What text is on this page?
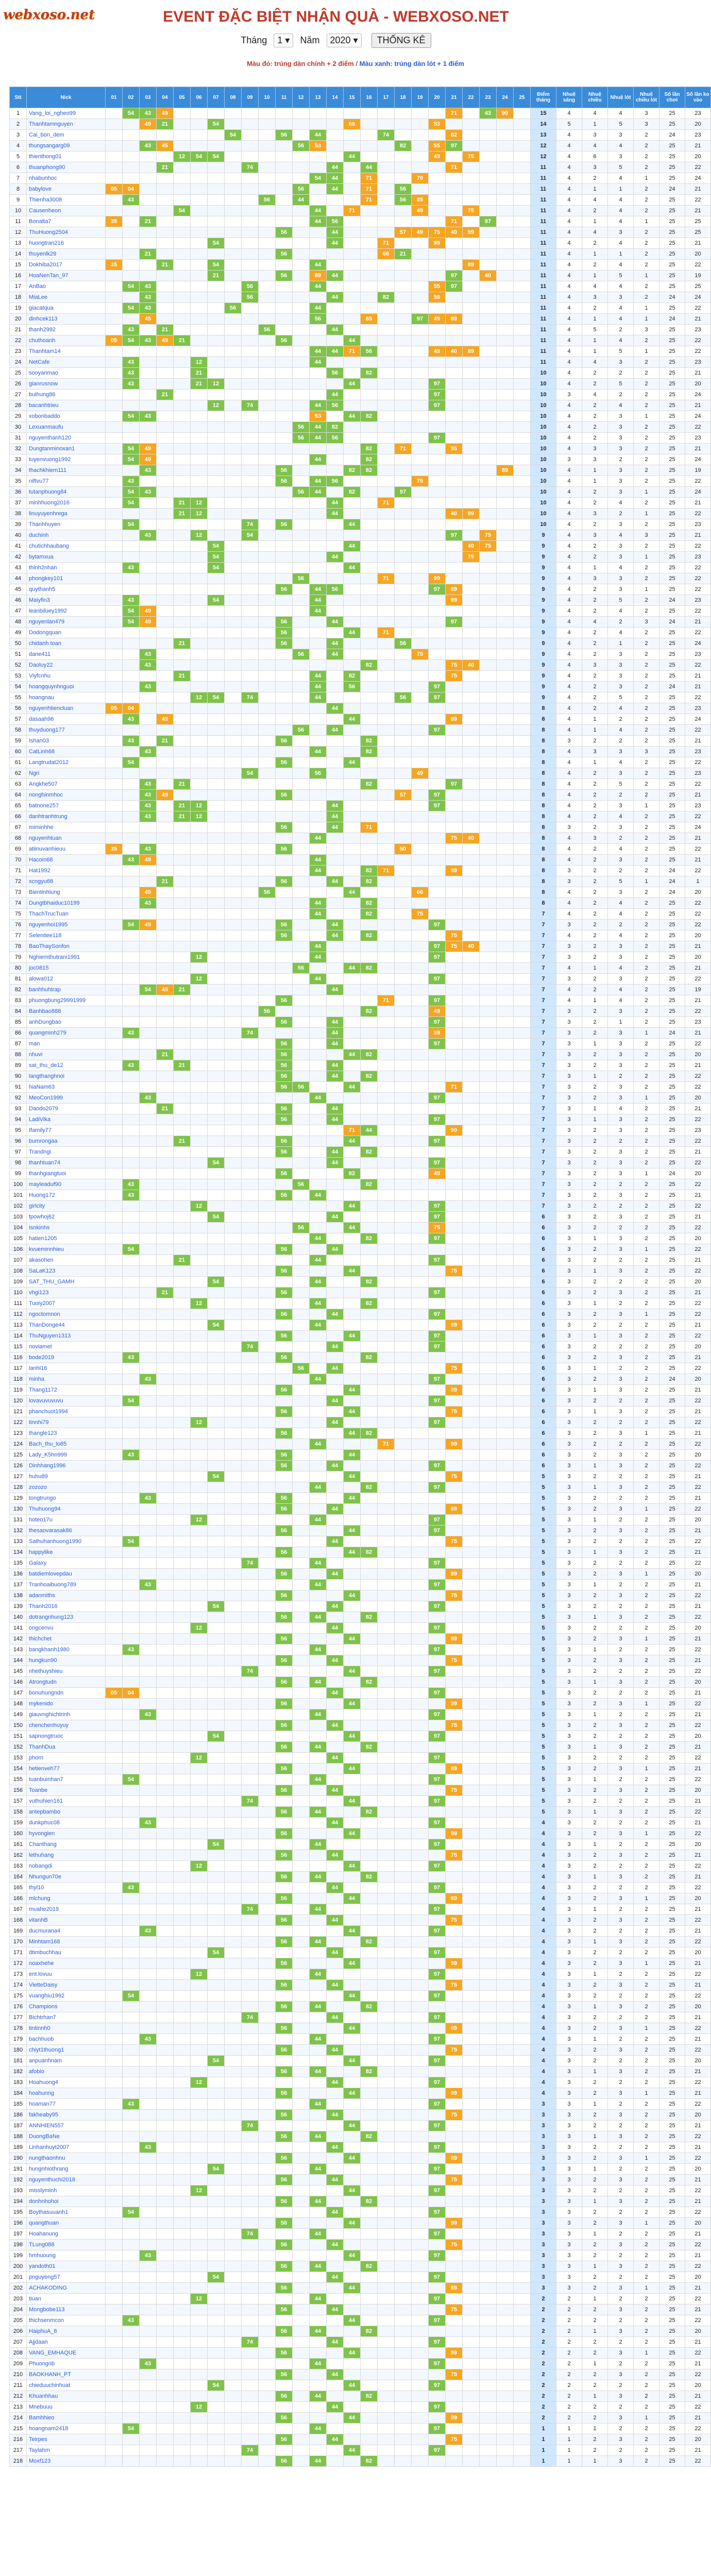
webxoso.net	EVENT ĐẶC BIỆT NHẬN QUÀ - WEBXOSO.NET
Tháng 1 ▾ Năm 2020 ▾ THỐNG KÊ
Màu đỏ: trúng dàn chính + 2 điểm / Màu xanh: trúng dàn lót + 1 điểm
Stt	Nick	01	02	03	04	05	06	07	08	09	10	11	12	13	14	15	16	17	18	19	20	21	22	23	24	25	Điểm tháng	Nhuệ sáng	Nhuệ chiều	Nhuệ lót	Nhuệ chiều lót	Số lần chơi	Số lần ko vào
1	Vang_loi_ngheo99		54	43	49																	71		43	99		15	4	4	4	3	25	23
2	Thanhtamnguyen			49	21			54								66					53						14	5	1	5	3	25	20
3	Cai_bon_dem								54			56		44				74				62					13	4	3	3	2	24	23
4	thungsangarg09			43	45								56	53					82		55	97					12	4	4	4	2	25	21
5	thienthong01					12	54	54								44					49		75				12	4	6	3	2	25	20
6	thuanphong90				21					74					44		44					71					11	4	3	5	2	25	22
7	nhabunhoc													54	44		71			79							11	4	2	4	1	25	24
8	babylove	05	04										56		44		71		56								11	4	1	1	2	24	21
9	Thienha3008		43								56		44				71		56	85							11	4	4	4	2	25	22
10	Causenheon					54								44		71				49			75				11	4	2	4	2	25	21
11	Bonalta7	35		21										44	56							71		97			11	4	1	4	1	25	25
12	ThuHuong2504											56			44				57	49	75	40	99				11	4	4	3	2	25	25
13	huongtran216							54							44			71			99						11	4	2	4	2	25	21
14	thuyenlk29			21								56						66	21								11	4	1	1	2	25	20
15	Dokhiba2017	35			21			54						44									89				11	4	2	4	2	25	22
16	HoaNenTan_97							21				56		89	44							97		40			11	4	1	5	1	25	19
17	AnBao		54	43						56				44							55	97					11	4	4	4	2	25	25
18	MiaLee			43						56					44			82			58						11	4	3	3	2	24	24
19	giacatqua		54	43					56					44													11	4	2	4	1	25	22
20	dinhcek113			45										56			85			97	49	89					11	4	1	4	1	24	21
21	thanh2992		43		21						56				44												11	4	5	2	3	25	23
22	chuthoanh	05	54	43	49	21						56				44											11	4	1	4	2	25	22
23	Thanhtam14													44	44	71	56				49	40	89				11	4	1	5	1	25	22
24	NetCafe		43				12							44													11	4	4	3	2	25	23
25	sooyanmao		43				21								56		82										10	4	2	2	2	25	21
26	gianrusnow		43				21	12								44					97						10	4	2	5	2	25	20
27	buihung86				21										44						97						10	3	4	2	2	25	24
28	bacanhtrieu							12		74				44	56						97						10	4	2	4	2	25	21
29	xobonbaddo		54	43										53		44	82										10	4	2	3	1	25	24
30	Lexuanmaufu												56	44	82												10	4	2	3	2	25	22
31	nguyenthanh120												56	44	56						97						10	4	2	3	2	25	23
32	Dungtanminoxan1		54	49													82		71			95					10	4	3	3	2	25	21
33	tuyenvuong1992		54	49										44			82										10	3	3	2	2	25	24
34	thachkhiem111			43								56				82	82								89		10	4	1	3	2	25	19
35	niftvu77		43									56		44	56					75							10	4	1	3	2	25	22
36	tutanphuong84		54	43									56	44		82			97								10	4	2	3	1	25	24
37	minhhuong2016		54			21	12								44			71									10	4	2	4	2	25	21
38	linuyuyenhrega					21	12								44							40	99				10	4	3	2	1	25	22
39	Thanhhuyen		54							74		56				44											10	4	2	3	2	25	23
40	duchinh			43			12			54												97		75			9	4	3	4	3	25	21
41	chutichhaubang							54								44							40	75			9	4	2	3	2	25	22
42	bytamxua							54							44								75				9	4	2	3	1	25	23
43	thinh2nhan		43					54								44											9	4	1	4	2	25	22
44	phongkey101												56					71			99						9	4	3	3	2	25	22
45	quythanh5											56		44	56						97	89					9	4	2	3	1	25	22
46	Maiyfin3		43					54						44								99					9	4	2	5	2	24	23
47	leanbiluey1992		54	49										44													9	4	2	4	2	25	22
48	nguyenlan479		54	49								56			44							97					9	4	4	2	3	24	21
49	Dodongquan											56				44		71									9	4	2	4	2	25	22
50	chidanh toan					21						56			44				56								9	4	2	1	2	25	24
51	dane411			43									56		44					75							9	4	2	3	2	25	23
52	Daoluy22			43													82					75	40				9	4	3	3	2	25	22
53	Viyfcnhu					21								44		82						75					9	4	2	3	2	25	21
54	hoangquynhnguoi			43										44		56					97						9	4	2	3	2	24	21
55	hoangnau						12	54		74				44					56		97						9	4	2	5	2	25	22
56	nguyenhtiencluan	05	04												44												8	4	2	4	2	25	23
57	dasaah96		43		49											44						89					8	4	1	2	2	25	24
58	thuyduong177												56		44						97						8	4	1	4	2	25	22
59	Ishan03		43		21							56					82										8	3	2	2	2	25	21
60	CatLinh68			43										44			82										8	4	3	3	3	25	23
61	Langtrudat2012		54									56				44											8	4	1	4	2	25	22
62	Ngri									54				56						49							8	4	2	3	2	25	23
63	Angkhe507			43		21											82					97					8	4	2	5	2	25	22
64	nonghinmhoc			43	49							56							57		97						8	4	2	2	2	25	21
65	batnone257			43		21	12								44						97						8	4	2	3	1	25	23
66	danhtranhtrung			43		21	12								44												8	4	2	4	2	25	22
67	miminhhe											56			44		71										8	3	2	3	2	25	24
68	nguyenhtuan													44								75	40				8	4	3	2	2	25	21
69	atiinuvanhieuu	35		43								56							50								8	4	2	4	2	25	22
70	Hacoin68		43	49										44													8	4	2	3	2	25	21
71	Hat1992													44			82	71				99					8	3	2	2	2	24	22
72	xcngyu68				21							56			44		82										8	3	2	5	1	24	1
73	Bientinhlung			45							56					44				66							8	4	2	3	2	24	20
74	Dungtbhaiduc10199			43										44			82										8	4	2	4	2	25	22
75	ThachTrucTuan													44			82			75							7	4	2	4	2	25	22
76	nguyenhoi1995		54	49								56			44						97						7	3	2	2	2	25	22
77	Selenitee118											56			44		82					75					7	4	2	4	2	25	20
78	BaoThaySonfon													44							97	75	40				7	3	2	3	2	25	21
79	Nghiemthutrani1991						12							44							97						7	3	2	3	2	25	20
80	joc0815												56			44	82										7	4	1	4	2	25	21
81	alowa012						12							44							97						7	3	2	3	2	25	22
82	banhhuhtrap			54	49	21									44												7	4	2	4	2	25	19
83	phuongbung29991999											56						71			97						7	4	1	4	2	25	21
84	Banhbao888										56						82				49						7	3	2	3	2	25	22
85	anhDungbao											56			44						97						7	3	2	1	2	25	23
86	quangminh279		43							74					44						99						7	3	2	3	1	24	21
87	man											56			44						97						7	3	1	3	2	25	22
88	nhuvi				21							56				44	82										7	3	2	3	2	25	20
89	sat_thu_de12		43			21						56			44												7	3	2	3	2	25	21
90	langthanghnoi											56			44		82										7	3	1	2	2	25	22
91	hiaNam63											56	56			44						71					7	3	2	3	2	25	22
92	MeoCon1999			43										44							97						7	3	2	3	1	25	20
93	Daodo2079				21							56			44												7	3	1	4	2	25	21
94	LadiVika											56			44						97						7	3	1	3	2	25	22
95	Ifamily77															71	44					99					7	3	2	3	2	25	23
96	bumrongaa					21						56				44					97						7	3	2	2	2	25	22
97	Trandngi											56			44		82										7	3	2	3	2	25	21
98	thanhtuan74							54							44						97						7	3	2	3	2	25	22
99	thanhgiangtuoi											56				82					49						7	3	2	3	1	24	20
100	mayleaduf90		43										56				82										7	3	2	2	2	25	22
101	Huong172		43									56		44													7	3	2	3	2	25	21
102	girlcity						12									44					97						7	3	2	2	2	25	22
103	tpowhoj62							54							44						97						6	3	2	3	2	25	21
104	Isnkinhs												56			44					75						6	3	2	2	2	25	22
105	hatien1205													44			82				97						6	3	1	3	2	25	20
106	kvueminnhieu		54									56			44												6	3	2	3	1	25	22
107	akasohen					21								44							97						6	3	2	2	2	25	21
108	SaLaK123											56				44						75					6	3	1	3	2	25	22
109	SAT_THU_GAMH							54						44			82										6	3	2	2	2	25	20
110	vhgi123				21							56									97						6	3	2	3	2	25	21
111	Tuoiy2007						12							44			82										6	3	1	2	2	25	22
112	ngoctomnon											56			44						97						6	3	2	3	1	25	22
113	ThanDonge44							54						44								89					6	3	2	2	2	25	21
114	ThuNguyen1313											56				44					97						6	3	1	3	2	25	22
115	noviamet									74					44						97						6	3	2	2	2	25	20
116	bode2019		43									56					82										6	3	2	3	2	25	21
117	lanhl16												56		44							75					6	3	1	2	2	25	22
118	minha			43										44							97						6	3	2	3	2	24	20
119	Thang1172											56				44						89					6	3	1	3	2	25	21
120	lovavuvuvuvu		54												44						97						6	3	2	2	2	25	22
121	phanchuot1994											56				44						75					6	3	1	3	2	25	21
122	tinnhi79						12								44						97						6	3	2	2	2	25	22
123	thangle123											56				44	82										6	3	2	3	1	25	21
124	Bach_thu_lo85													44				71				99					6	3	2	2	2	25	22
125	Lady_K5hn999		43									56				44											6	3	2	3	2	25	20
126	Dinhhang1996											56			44						97						6	3	1	3	2	25	22
127	huhu89							54								44						75					5	3	2	2	2	25	21
128	zozozo													44			82				97						5	3	1	3	2	25	22
129	tongtrungo			43								56				44											5	3	2	2	2	25	21
130	Thuhuong94											56			44							89					5	3	2	3	1	25	22
131	hoteo17u						12							44							97						5	3	1	2	2	25	20
132	thesaovarasak86											56				44					97						5	3	2	3	2	25	21
133	Sathuhanhuong1990		54												44							75					5	3	2	2	2	25	22
134	happylike											56				44	82										5	3	1	3	2	25	21
135	Galaxy									74				44							97						5	3	2	2	2	25	22
136	batdiemlovepdau											56			44							99					5	3	2	3	1	25	20
137	Tranhoaibuong789			43										44							97						5	3	1	2	2	25	21
138	adanmiths											56				44						75					5	3	2	3	2	25	22
139	Thanh2016							54							44						97						5	3	2	2	2	25	21
140	dotrangnhung123											56		44			82										5	3	1	3	2	25	22
141	ongcenvu						12								44						97						5	3	2	2	2	25	20
142	thichchet											56				44						89					5	3	2	3	1	25	21
143	bangkhanh1980		43											44							97						5	3	1	2	2	25	22
144	hungkun90											56			44							75					5	3	2	3	2	25	21
145	nhethuyshieu									74						44					97						5	3	2	2	2	25	22
146	Atrongtudn											56		44			82										5	3	1	3	2	25	20
147	bonuhungndn	05	04												44						97						5	3	2	2	2	25	21
148	mykenido											56				44						99					5	3	2	3	1	25	22
149	giauvnghichtrinh			43										44							97						5	3	1	2	2	25	21
150	chenchenhuyuy											56			44							75					5	3	2	3	2	25	22
151	sapnongtruoc							54								44					97						5	3	2	2	2	25	20
152	ThanhDua											56		44			82										5	3	1	3	2	25	21
153	phorn						12								44						97						5	3	2	2	2	25	22
154	hetienveh77											56				44						89					5	3	2	3	1	25	21
155	tuanbuinhan7		54											44							97						5	3	1	2	2	25	22
156	Toanbe											56			44							75					5	3	2	3	2	25	20
157	vuthuhien161									74						44					97						5	3	2	2	2	25	21
158	antepbambo											56		44			82										5	3	1	3	2	25	22
159	dunkphuc08			43											44						97						4	3	2	2	2	25	21
160	hyvongien											56				44						99					4	3	2	3	1	25	22
161	Chanthang							54						44							97						4	3	1	2	2	25	20
162	lethuhang											56			44							75					4	3	2	3	2	25	21
163	nobangdi						12									44					97						4	3	2	2	2	25	22
164	Nhungun70e											56		44			82										4	3	1	3	2	25	21
165	thyl10		43												44						97						4	3	2	2	2	25	22
166	mlchung											56				44						89					4	3	2	3	1	25	20
167	muahe2019									74				44							97						4	3	1	2	2	25	21
168	vitanhB											56			44							75					4	3	2	3	2	25	22
169	ducmurana4			43												44					97						4	3	2	2	2	25	21
170	Minhtam168											56		44			82										4	3	1	3	2	25	22
171	dtimbuchhau							54							44						97						4	3	2	2	2	25	20
172	noaxhehe											56				44						99					4	3	2	3	1	25	21
173	ent.lovuu						12							44							97						4	3	1	2	2	25	22
174	VietteDaisy											56			44							75					4	3	2	3	2	25	21
175	vuanghiu1992		54													44					97						4	3	2	2	2	25	22
176	Champions											56		44			82										4	3	1	3	2	25	20
177	Bichtrhan7									74					44						97						4	3	2	2	2	25	21
178	tintinnh0											56				44						89					4	3	2	3	1	25	22
179	bachhuob			43										44							97						4	3	1	2	2	25	21
180	chiyt1thuong1											56			44							75					4	3	2	3	2	25	22
181	anpuanhnam							54								44					97						4	3	2	2	2	25	20
182	afobio											56		44			82										4	3	1	3	2	25	21
183	Hoahuong4						12								44						97						4	3	2	2	2	25	22
184	hoahunng											56				44						99					4	3	2	3	1	25	21
185	hoaman77		43											44							97						3	3	1	2	2	25	22
186	fakheaby95											56			44							75					3	3	2	3	2	25	20
187	ANNHIEN557									74						44					97						3	3	2	2	2	25	21
188	DuongBaNe											56		44			82										3	3	1	3	2	25	22
189	Linhanhuyt2007			43											44						97						3	3	2	2	2	25	21
190	nungthaonhnu											56				44						89					3	3	2	3	1	25	22
191	hungnhiothrang							54						44							97						3	3	1	2	2	25	20
192	nguyenthuchi2018											56			44							75					3	3	2	3	2	25	21
193	misslyminh						12									44					97						3	3	2	2	2	25	22
194	donhnhohoi											56		44			82										3	3	1	3	2	25	21
195	Boythasuuanh1		54												44						97						3	3	2	2	2	25	22
196	quangthuan											56				44						99					3	3	2	3	1	25	20
197	Hoahanung									74				44							97						3	3	1	2	2	25	21
198	TLung088											56			44							75					3	3	2	3	2	25	22
199	hmhuoung			43												44					97						3	3	2	2	2	25	21
200	yandoth01											56		44			82										3	3	1	3	2	25	22
201	pnguyeng57							54							44						97						3	3	2	2	2	25	20
202	ACHAKODING											56				44						89					3	3	2	3	1	25	21
203	tiuan						12							44							97						2	2	1	2	2	25	22
204	Mongbobe113											56			44							75					2	2	2	3	2	25	21
205	thichsenmcon		43													44					97						2	2	2	2	2	25	22
206	HaiphuA_8											56		44			82										2	2	1	3	2	25	20
207	Ajjdaan									74					44						97						2	2	2	2	2	25	21
208	VANG_EMHAQUE											56				44						99					2	2	2	3	1	25	22
209	Phuongnb			43										44							97						2	2	1	2	2	25	21
210	BAOKHANH_PT											56			44							75					2	2	2	3	2	25	22
211	chieduuchinhuat							54								44					97						2	2	2	2	2	25	20
212	Khuanhhau											56		44			82										2	2	1	3	2	25	21
213	Mnebuuu						12								44						97						2	2	2	2	2	25	22
214	Bamhhieo											56				44						89					2	2	2	3	1	25	21
215	hoangnam2418		54											44							97						1	1	1	2	2	25	22
216	Teirpes											56			44							75					1	1	2	3	2	25	20
217	Taylahm									74						44					97						1	1	2	2	2	25	21
218	Moxf123											56		44			82										1	1	1	3	2	25	22
